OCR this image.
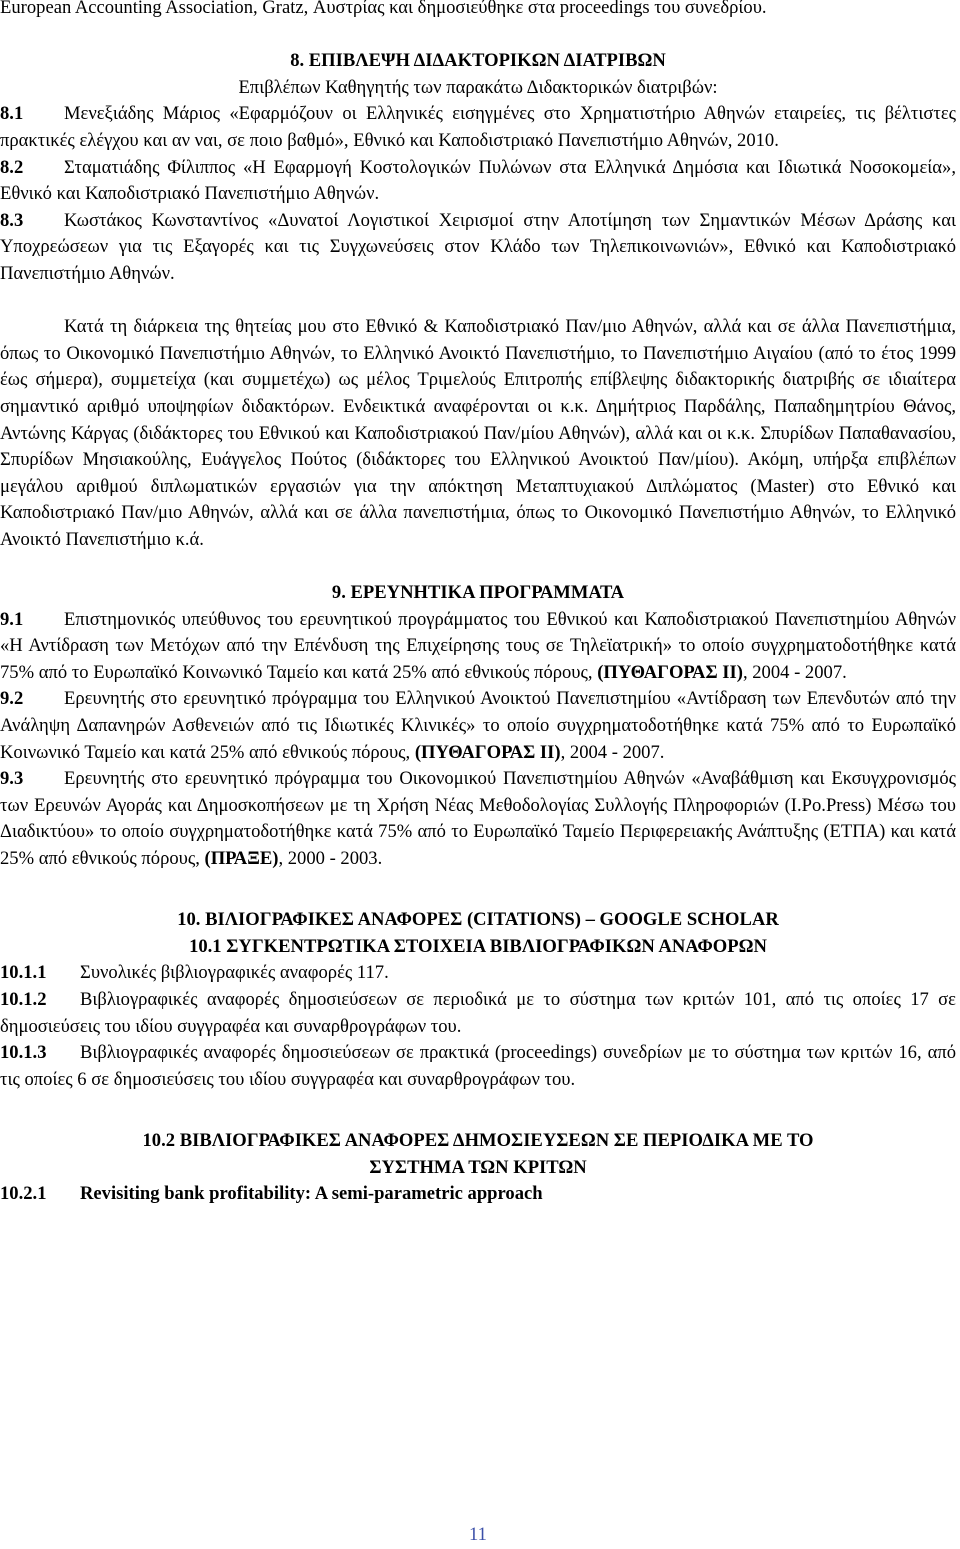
European Accounting Association, Gratz, Αυστρίας και δημοσιεύθηκε στα proceedings του συνεδρίου.

8. ΕΠΙΒΛΕΨΗ ΔΙΔΑΚΤΟΡΙΚΩΝ ΔΙΑΤΡΙΒΩΝ

Επιβλέπων Καθηγητής των παρακάτω Διδακτορικών διατριβών:

8.1 Μενεξιάδης Μάριος «Εφαρμόζουν οι Ελληνικές εισηγμένες στο Χρηματιστήριο Αθηνών εταιρείες, τις βέλτιστες πρακτικές ελέγχου και αν ναι, σε ποιο βαθμό», Εθνικό και Καποδιστριακό Πανεπιστήμιο Αθηνών, 2010.

8.2 Σταματιάδης Φίλιππος «Η Εφαρμογή Κοστολογικών Πυλώνων στα Ελληνικά Δημόσια και Ιδιωτικά Νοσοκομεία», Εθνικό και Καποδιστριακό Πανεπιστήμιο Αθηνών.

8.3 Κωστάκος Κωνσταντίνος «Δυνατοί Λογιστικοί Χειρισμοί στην Αποτίμηση των Σημαντικών Μέσων Δράσης και Υποχρεώσεων για τις Εξαγορές και τις Συγχωνεύσεις στον Κλάδο των Τηλεπικοινωνιών», Εθνικό και Καποδιστριακό Πανεπιστήμιο Αθηνών.

Κατά τη διάρκεια της θητείας μου στο Εθνικό & Καποδιστριακό Παν/μιο Αθηνών, αλλά και σε άλλα Πανεπιστήμια, όπως το Οικονομικό Πανεπιστήμιο Αθηνών, το Ελληνικό Ανοικτό Πανεπιστήμιο, το Πανεπιστήμιο Αιγαίου (από το έτος 1999 έως σήμερα), συμμετείχα (και συμμετέχω) ως μέλος Τριμελούς Επιτροπής επίβλεψης διδακτορικής διατριβής σε ιδιαίτερα σημαντικό αριθμό υποψηφίων διδακτόρων. Ενδεικτικά αναφέρονται οι κ.κ. Δημήτριος Παρδάλης, Παπαδημητρίου Θάνος, Αντώνης Κάργας (διδάκτορες του Εθνικού και Καποδιστριακού Παν/μίου Αθηνών), αλλά και οι κ.κ. Σπυρίδων Παπαθανασίου, Σπυρίδων Μησιακούλης, Ευάγγελος Πούτος (διδάκτορες του Ελληνικού Ανοικτού Παν/μίου). Ακόμη, υπήρξα επιβλέπων μεγάλου αριθμού διπλωματικών εργασιών για την απόκτηση Μεταπτυχιακού Διπλώματος (Master) στο Εθνικό και Καποδιστριακό Παν/μιο Αθηνών, αλλά και σε άλλα πανεπιστήμια, όπως το Οικονομικό Πανεπιστήμιο Αθηνών, το Ελληνικό Ανοικτό Πανεπιστήμιο κ.ά.

9. ΕΡΕΥΝΗΤΙΚΑ ΠΡΟΓΡΑΜΜΑΤΑ

9.1 Επιστημονικός υπεύθυνος του ερευνητικού προγράμματος του Εθνικού και Καποδιστριακού Πανεπιστημίου Αθηνών «Η Αντίδραση των Μετόχων από την Επένδυση της Επιχείρησης τους σε Τηλεϊατρική» το οποίο συγχρηματοδοτήθηκε κατά 75% από το Ευρωπαϊκό Κοινωνικό Ταμείο και κατά 25% από εθνικούς πόρους, (ΠΥΘΑΓΟΡΑΣ ΙΙ), 2004 - 2007.

9.2 Ερευνητής στο ερευνητικό πρόγραμμα του Ελληνικού Ανοικτού Πανεπιστημίου «Αντίδραση των Επενδυτών από την Ανάληψη Δαπανηρών Ασθενειών από τις Ιδιωτικές Κλινικές» το οποίο συγχρηματοδοτήθηκε κατά 75% από το Ευρωπαϊκό Κοινωνικό Ταμείο και κατά 25% από εθνικούς πόρους, (ΠΥΘΑΓΟΡΑΣ ΙΙ), 2004 - 2007.

9.3 Ερευνητής στο ερευνητικό πρόγραμμα του Οικονομικού Πανεπιστημίου Αθηνών «Αναβάθμιση και Εκσυγχρονισμός των Ερευνών Αγοράς και Δημοσκοπήσεων με τη Χρήση Νέας Μεθοδολογίας Συλλογής Πληροφοριών (I.Po.Press) Μέσω του Διαδικτύου» το οποίο συγχρηματοδοτήθηκε κατά 75% από το Ευρωπαϊκό Ταμείο Περιφερειακής Ανάπτυξης (ΕΤΠΑ) και κατά 25% από εθνικούς πόρους, (ΠΡΑΞΕ), 2000 - 2003.

10. ΒΙΛΙΟΓΡΑΦΙΚΕΣ ΑΝΑΦΟΡΕΣ (CITATIONS) – GOOGLE SCHOLAR

10.1 ΣΥΓΚΕΝΤΡΩΤΙΚΑ ΣΤΟΙΧΕΙΑ ΒΙΒΛΙΟΓΡΑΦΙΚΩΝ ΑΝΑΦΟΡΩΝ

10.1.1 Συνολικές βιβλιογραφικές αναφορές 117.

10.1.2 Βιβλιογραφικές αναφορές δημοσιεύσεων σε περιοδικά με το σύστημα των κριτών 101, από τις οποίες 17 σε δημοσιεύσεις του ιδίου συγγραφέα και συναρθρογράφων του.

10.1.3 Βιβλιογραφικές αναφορές δημοσιεύσεων σε πρακτικά (proceedings) συνεδρίων με το σύστημα των κριτών 16, από τις οποίες 6 σε δημοσιεύσεις του ιδίου συγγραφέα και συναρθρογράφων του.

10.2 ΒΙΒΛΙΟΓΡΑΦΙΚΕΣ ΑΝΑΦΟΡΕΣ ΔΗΜΟΣΙΕΥΣΕΩΝ ΣΕ ΠΕΡΙΟΔΙΚΑ ΜΕ ΤΟ

ΣΥΣΤΗΜΑ ΤΩΝ ΚΡΙΤΩΝ

10.2.1 Revisiting bank profitability: A semi-parametric approach

11
